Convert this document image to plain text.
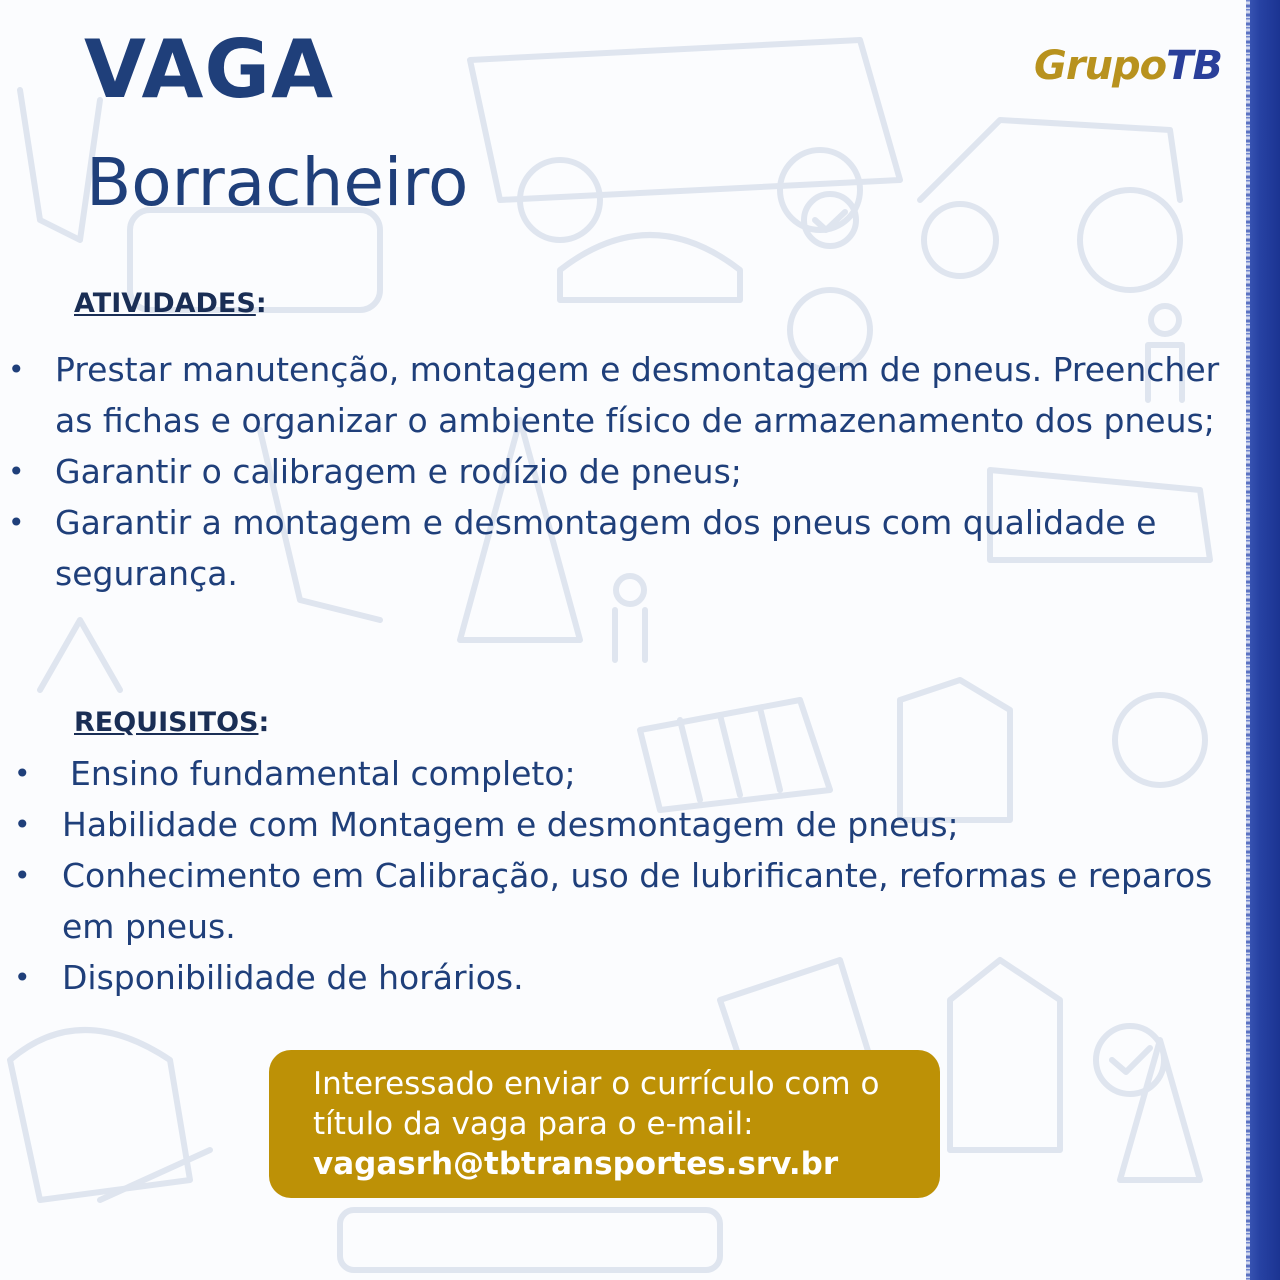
VAGA
Borracheiro
GrupoTB
ATIVIDADES:
• Prestar manutenção, montagem e desmontagem de pneus. Preencher as fichas e organizar o ambiente físico de armazenamento dos pneus;
• Garantir o calibragem e rodízio de pneus;
• Garantir a montagem e desmontagem dos pneus com qualidade e segurança.
REQUISITOS:
• Ensino fundamental completo;
• Habilidade com Montagem e desmontagem de pneus;
• Conhecimento em Calibração, uso de lubrificante, reformas e reparos em pneus.
• Disponibilidade de horários.

Interessado enviar o currículo com o

título da vaga para o e-mail:

vagasrh@tbtransportes.srv.br
